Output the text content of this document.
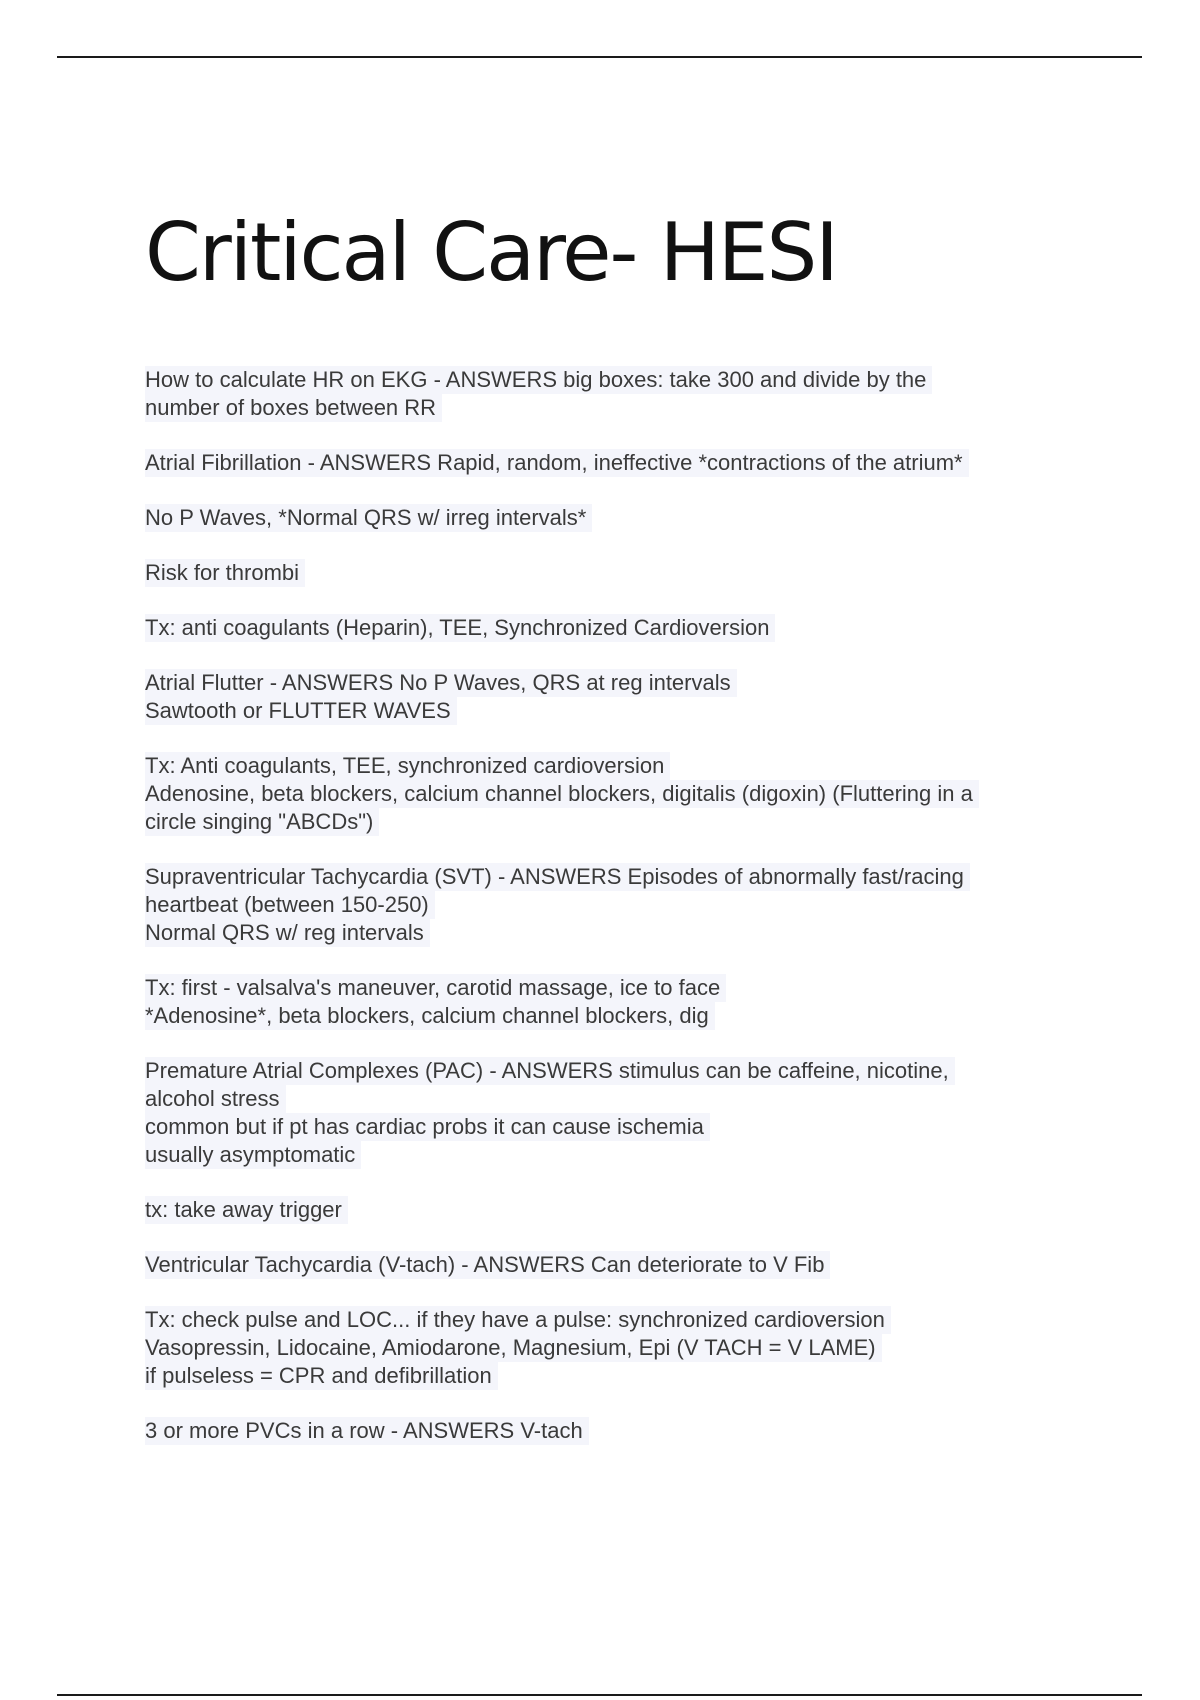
Critical Care- HESI
How to calculate HR on EKG - ANSWERS big boxes: take 300 and divide by the
number of boxes between RR
Atrial Fibrillation - ANSWERS Rapid, random, ineffective *contractions of the atrium*
No P Waves, *Normal QRS w/ irreg intervals*
Risk for thrombi
Tx: anti coagulants (Heparin), TEE, Synchronized Cardioversion
Atrial Flutter - ANSWERS No P Waves, QRS at reg intervals
Sawtooth or FLUTTER WAVES
Tx: Anti coagulants, TEE, synchronized cardioversion
Adenosine, beta blockers, calcium channel blockers, digitalis (digoxin) (Fluttering in a
circle singing "ABCDs")
Supraventricular Tachycardia (SVT) - ANSWERS Episodes of abnormally fast/racing
heartbeat (between 150-250)
Normal QRS w/ reg intervals
Tx: first - valsalva's maneuver, carotid massage, ice to face
*Adenosine*, beta blockers, calcium channel blockers, dig
Premature Atrial Complexes (PAC) - ANSWERS stimulus can be caffeine, nicotine,
alcohol stress
common but if pt has cardiac probs it can cause ischemia
usually asymptomatic
tx: take away trigger
Ventricular Tachycardia (V-tach) - ANSWERS Can deteriorate to V Fib
Tx: check pulse and LOC... if they have a pulse: synchronized cardioversion
Vasopressin, Lidocaine, Amiodarone, Magnesium, Epi (V TACH = V LAME)
if pulseless = CPR and defibrillation
3 or more PVCs in a row - ANSWERS V-tach
